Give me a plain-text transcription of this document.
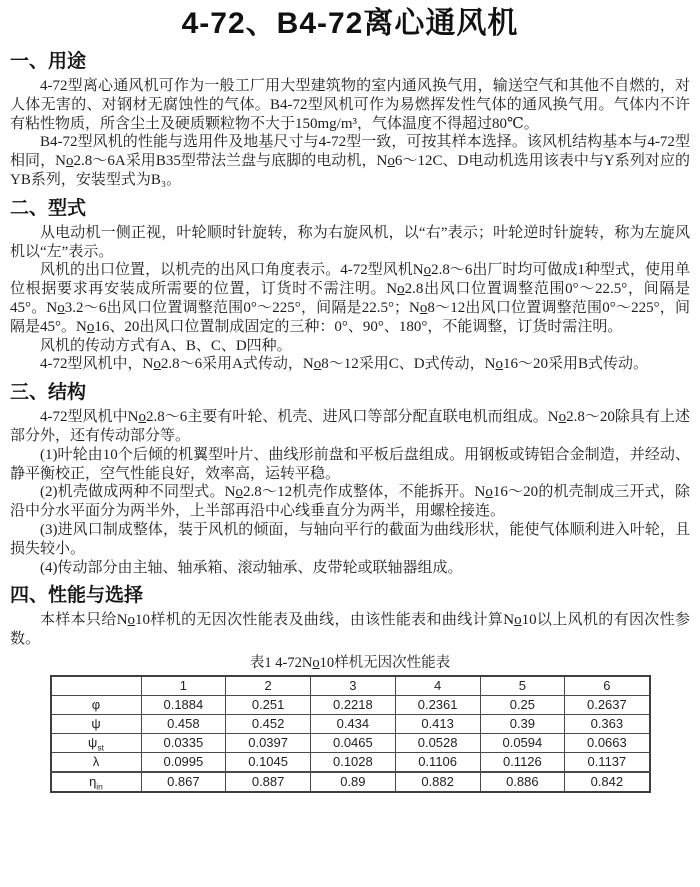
4-72、B4-72离心通风机
一、用途

4-72型离心通风机可作为一般工厂用大型建筑物的室内通风换气用，输送空气和其他不自燃的，对人体无害的、对钢材无腐蚀性的气体。B4-72型风机可作为易燃挥发性气体的通风换气用。气体内不许有粘性物质，所含尘土及硬质颗粒物不大于150mg/m³，气体温度不得超过80℃。

B4-72型风机的性能与选用件及地基尺寸与4-72型一致，可按其样本选择。该风机结构基本与4-72型相同，No2.8～6A采用B35型带法兰盘与底脚的电动机，No6～12C、D电动机选用该表中与Y系列对应的YB系列，安装型式为B₃。

二、型式

从电动机一侧正视，叶轮顺时针旋转，称为右旋风机，以“右”表示；叶轮逆时针旋转，称为左旋风机以“左”表示。

风机的出口位置，以机壳的出风口角度表示。4-72型风机No2.8～6出厂时均可做成1种型式，使用单位根据要求再安装成所需要的位置，订货时不需注明。No2.8出风口位置调整范围0°～22.5°，间隔是45°。No3.2～6出风口位置调整范围0°～225°，间隔是22.5°；No8～12出风口位置调整范围0°～225°，间隔是45°。No16、20出风口位置制成固定的三种：0°、90°、180°，不能调整，订货时需注明。

风机的传动方式有A、B、C、D四种。

4-72型风机中，No2.8～6采用A式传动，No8～12采用C、D式传动，No16～20采用B式传动。

三、结构

4-72型风机中No2.8～6主要有叶轮、机壳、进风口等部分配直联电机而组成。No2.8～20除具有上述部分外，还有传动部分等。

(1)叶轮由10个后倾的机翼型叶片、曲线形前盘和平板后盘组成。用钢板或铸铝合金制造，并经动、静平衡校正，空气性能良好，效率高，运转平稳。

(2)机壳做成两种不同型式。No2.8～12机壳作成整体，不能拆开。No16～20的机壳制成三开式，除沿中分水平面分为两半外，上半部再沿中心线垂直分为两半，用螺栓接连。

(3)进风口制成整体，装于风机的倾面，与轴向平行的截面为曲线形状，能使气体顺利进入叶轮，且损失较小。

(4)传动部分由主轴、轴承箱、滚动轴承、皮带轮或联轴器组成。

四、性能与选择

本样本只给No10样机的无因次性能表及曲线，由该性能表和曲线计算No10以上风机的有因次性参数。

表1 4-72No10样机无因次性能表
	1	2	3	4	5	6
φ	0.1884	0.251	0.2218	0.2361	0.25	0.2637
ψ	0.458	0.452	0.434	0.413	0.39	0.363
$\psi_{st}$	0.0335	0.0397	0.0465	0.0528	0.0594	0.0663
λ	0.0995	0.1045	0.1028	0.1106	0.1126	0.1137
$\eta_{in}$	0.867	0.887	0.89	0.882	0.886	0.842
